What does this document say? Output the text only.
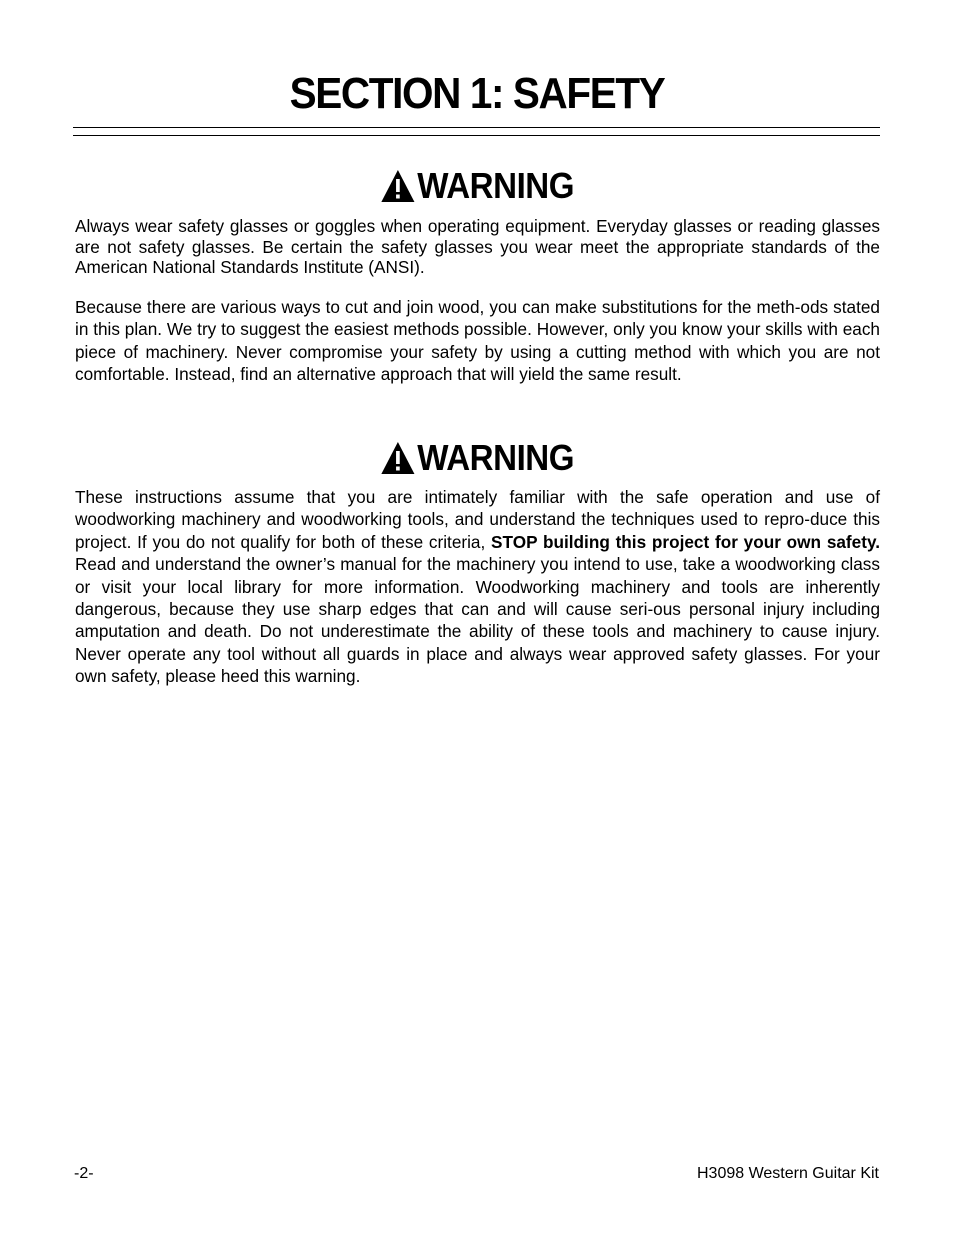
SECTION 1: SAFETY
WARNING

Always wear safety glasses or goggles when operating equipment. Everyday glasses or reading glasses are not safety glasses. Be certain the safety glasses you wear meet the appropriate standards of the American National Standards Institute (ANSI).

Because there are various ways to cut and join wood, you can make substitutions for the meth-ods stated in this plan. We try to suggest the easiest methods possible. However, only you know your skills with each piece of machinery. Never compromise your safety by using a cutting method with which you are not comfortable. Instead, find an alternative approach that will yield the same result.

WARNING

These instructions assume that you are intimately familiar with the safe operation and use of woodworking machinery and woodworking tools, and understand the techniques used to repro-duce this project. If you do not qualify for both of these criteria, STOP building this project for your own safety. Read and understand the owner’s manual for the machinery you intend to use, take a woodworking class or visit your local library for more information. Woodworking machinery and tools are inherently dangerous, because they use sharp edges that can and will cause seri-ous personal injury including amputation and death. Do not underestimate the ability of these tools and machinery to cause injury. Never operate any tool without all guards in place and always wear approved safety glasses. For your own safety, please heed this warning.

-2-	H3098 Western Guitar Kit
